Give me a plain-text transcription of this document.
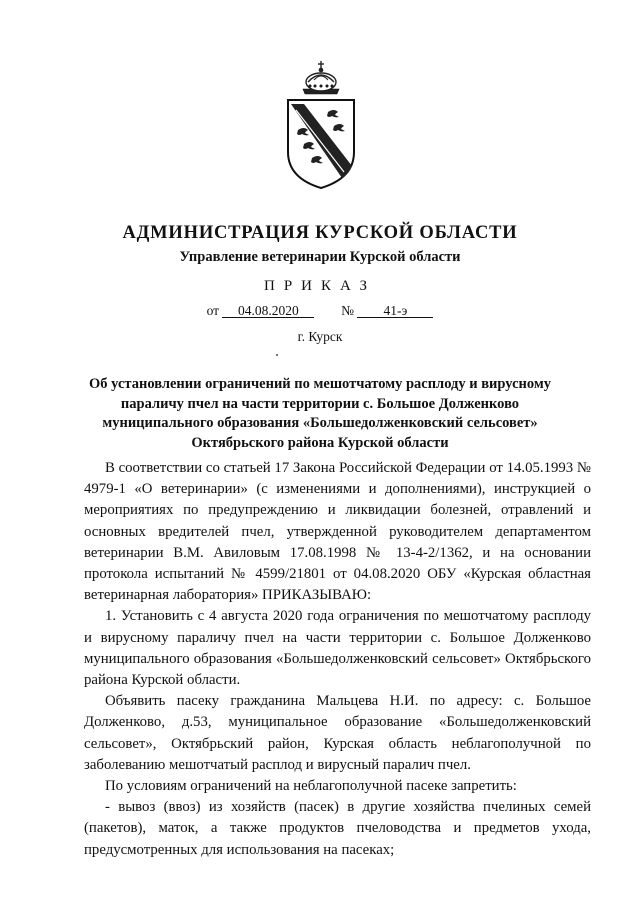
АДМИНИСТРАЦИЯ КУРСКОЙ ОБЛАСТИ
Управление ветеринарии Курской области
ПРИКАЗ
от 04.08.2020	№ 41-э
г. Курск
Об установлении ограничений по мешотчатому расплоду и вирусному
параличу пчел на части территории с. Большое Долженково
муниципального образования «Большедолженковский сельсовет»
Октябрьского района Курской области

В соответствии со статьей 17 Закона Российской Федерации от 14.05.1993 № 4979-1 «О ветеринарии» (с изменениями и дополнениями), инструкцией о мероприятиях по предупреждению и ликвидации болезней, отравлений и основных вредителей пчел, утвержденной руководителем департаментом ветеринарии В.М. Авиловым 17.08.1998 № 13-4-2/1362, и на основании протокола испытаний № 4599/21801 от 04.08.2020 ОБУ «Курская областная ветеринарная лаборатория» ПРИКАЗЫВАЮ:

1. Установить с 4 августа 2020 года ограничения по мешотчатому расплоду и вирусному параличу пчел на части территории с. Большое Долженково муниципального образования «Большедолженковский сельсовет» Октябрьского района Курской области.

Объявить пасеку гражданина Мальцева Н.И. по адресу: с. Большое Долженково, д.53, муниципальное образование «Большедолженковский сельсовет», Октябрьский район, Курская область неблагополучной по заболеванию мешотчатый расплод и вирусный паралич пчел.

По условиям ограничений на неблагополучной пасеке запретить:

- вывоз (ввоз) из хозяйств (пасек) в другие хозяйства пчелиных семей (пакетов), маток, а также продуктов пчеловодства и предметов ухода, предусмотренных для использования на пасеках;
